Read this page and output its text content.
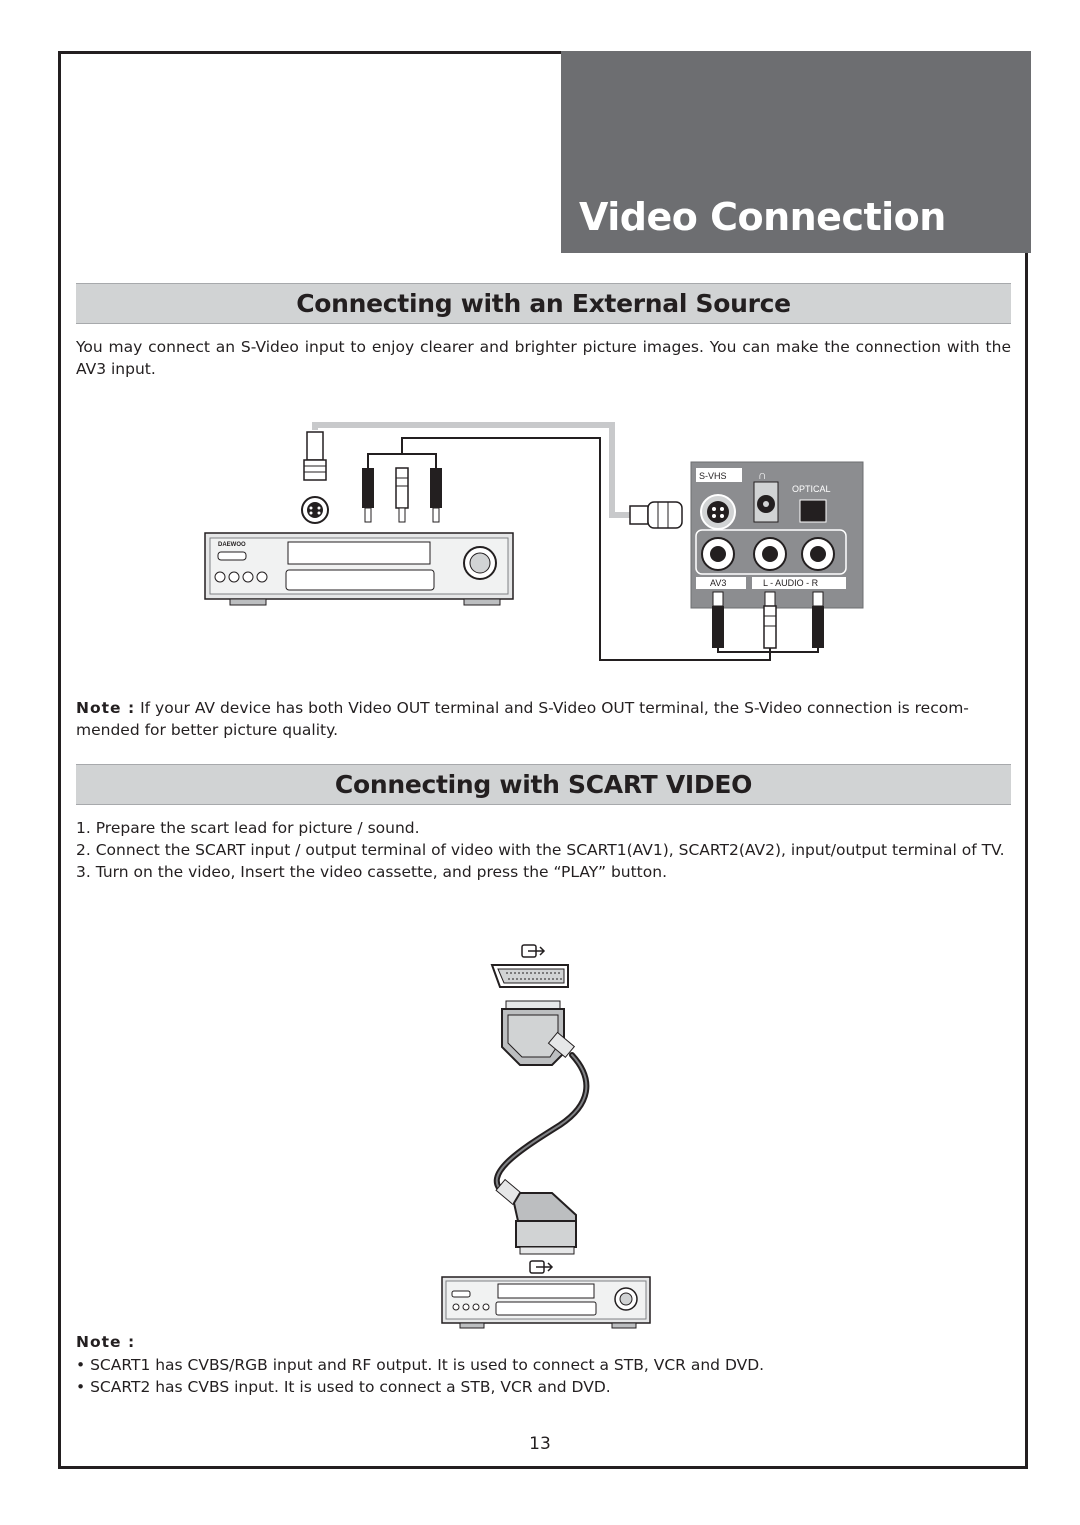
Video Connection
Connecting with an External Source

You may connect an S-Video input to enjoy clearer and brighter picture images. You can make the connection with the AV3 input.

DAEWOO
S-VHS	∩
OPTICAL
AV3	L - AUDIO - R

Note : If your AV device has both Video OUT terminal and S-Video OUT terminal, the S-Video connection is recom- mended for better picture quality.

Connecting with SCART VIDEO
1. Prepare the scart lead for picture / sound.
2. Connect the SCART input / output terminal of video with the SCART1(AV1), SCART2(AV2), input/output terminal of TV.
3. Turn on the video, Insert the video cassette, and press the “PLAY” button.

Note :

• SCART1 has CVBS/RGB input and RF output. It is used to connect a STB, VCR and DVD.
• SCART2 has CVBS input. It is used to connect a STB, VCR and DVD.
13
